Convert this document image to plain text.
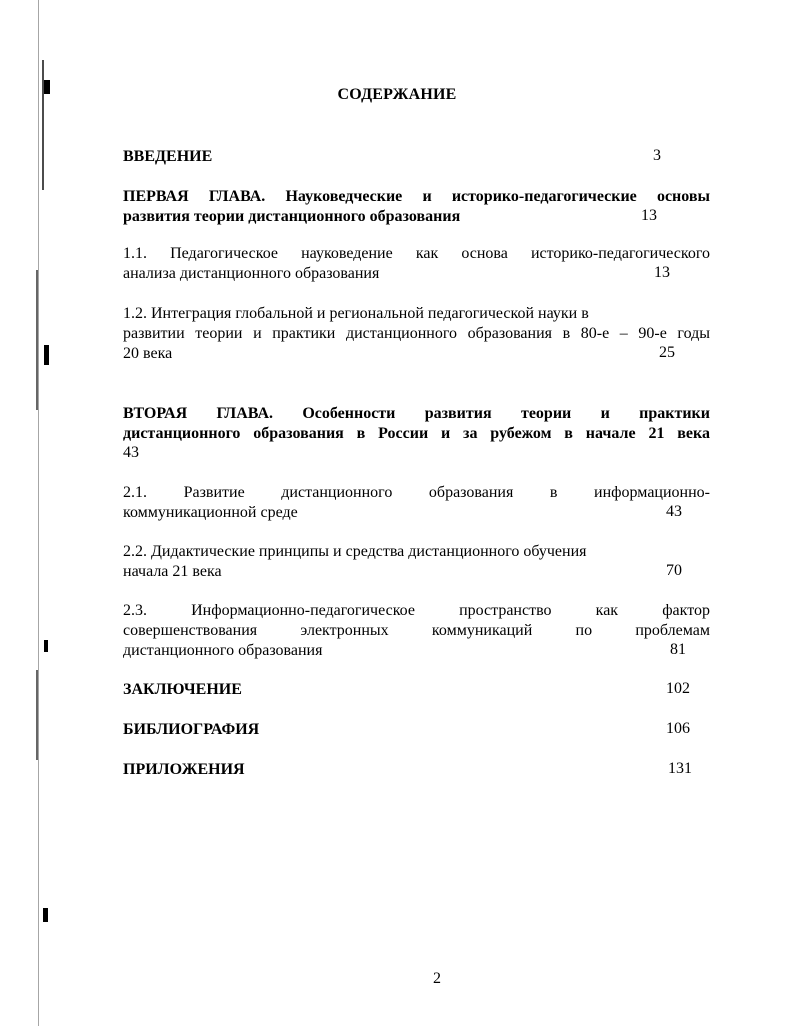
СОДЕРЖАНИЕ
ВВЕДЕНИЕ	3
ПЕРВАЯ ГЛАВА. Науковедческие и историко-педагогические основы
развития теории дистанционного образования	13
1.1. Педагогическое науковедение как основа историко-педагогического
анализа дистанционного образования	13
1.2. Интеграция глобальной и региональной педагогической науки в
развитии теории и практики дистанционного образования в 80-е – 90-е годы
20 века	25
ВТОРАЯ ГЛАВА. Особенности развития теории и практики
дистанционного образования в России и за рубежом в начале 21 века
43
2.1. Развитие дистанционного образования в информационно-
коммуникационной среде	43
2.2. Дидактические принципы и средства дистанционного обучения
начала 21 века	70
2.3. Информационно-педагогическое пространство как фактор
совершенствования электронных коммуникаций по проблемам
дистанционного образования	81
ЗАКЛЮЧЕНИЕ	102
БИБЛИОГРАФИЯ	106
ПРИЛОЖЕНИЯ	131
2
